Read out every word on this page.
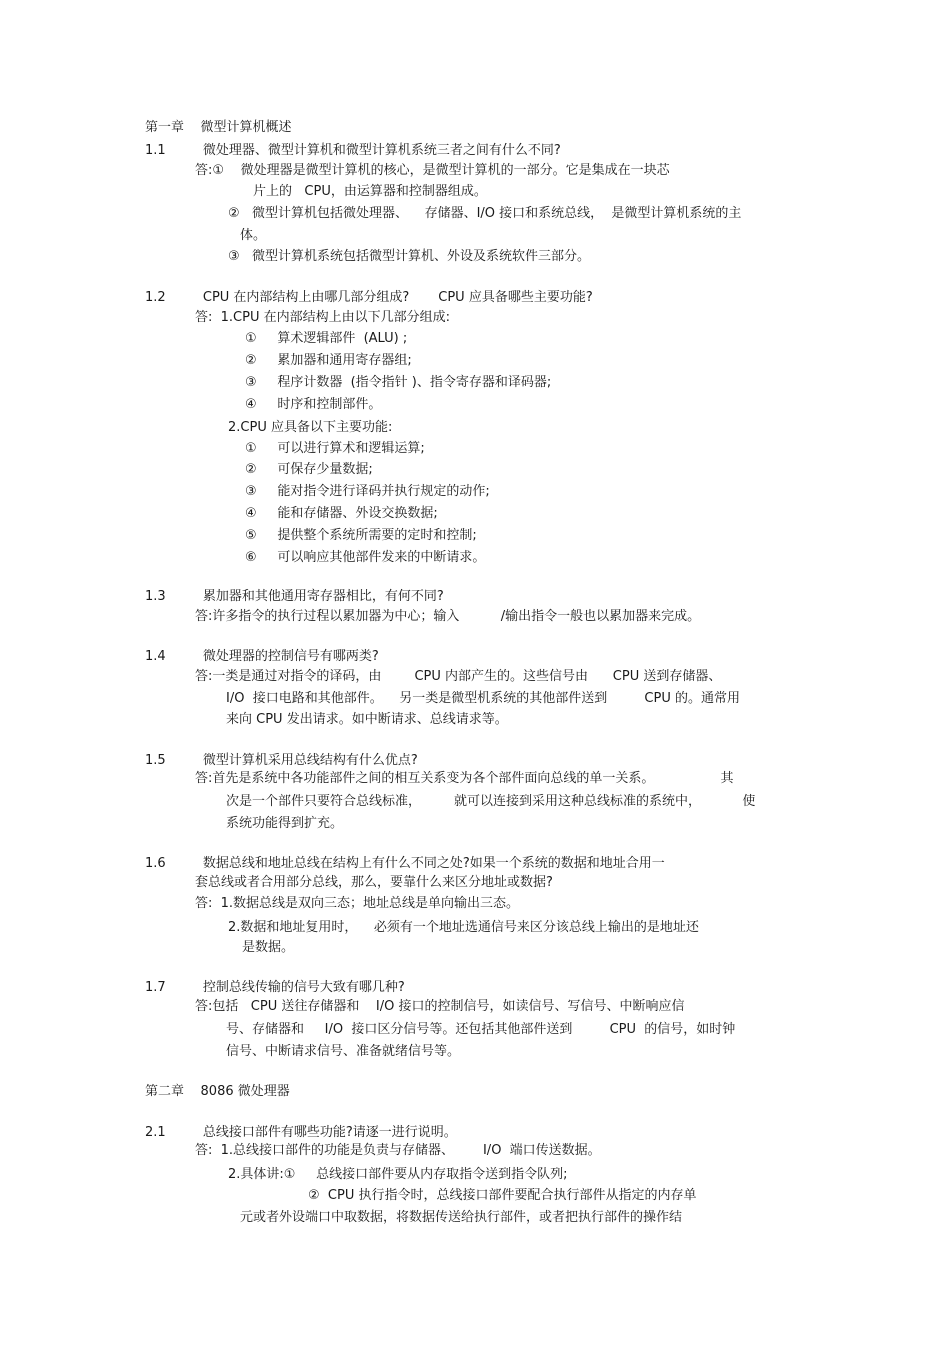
第一章    微型计算机概述
1.1         微处理器、微型计算机和微型计算机系统三者之间有什么不同?
答:①    微处理器是微型计算机的核心，是微型计算机的一部分。它是集成在一块芯
片上的   CPU，由运算器和控制器组成。
②   微型计算机包括微处理器、    存储器、I/O 接口和系统总线，  是微型计算机系统的主
体。
③   微型计算机系统包括微型计算机、外设及系统软件三部分。
1.2         CPU 在内部结构上由哪几部分组成?       CPU 应具备哪些主要功能?
答:  1.CPU 在内部结构上由以下几部分组成:
①     算术逻辑部件  (ALU) ;
②     累加器和通用寄存器组;
③     程序计数器  (指令指针 )、指令寄存器和译码器;
④     时序和控制部件。
2.CPU 应具备以下主要功能:
①     可以进行算术和逻辑运算;
②     可保存少量数据;
③     能对指令进行译码并执行规定的动作;
④     能和存储器、外设交换数据;
⑤     提供整个系统所需要的定时和控制;
⑥     可以响应其他部件发来的中断请求。
1.3         累加器和其他通用寄存器相比，有何不同?
答:许多指令的执行过程以累加器为中心；输入          /输出指令一般也以累加器来完成。
1.4         微处理器的控制信号有哪两类?
答:一类是通过对指令的译码，由        CPU 内部产生的。这些信号由      CPU 送到存储器、
I/O  接口电路和其他部件。    另一类是微型机系统的其他部件送到         CPU 的。通常用
来向 CPU 发出请求。如中断请求、总线请求等。
1.5         微型计算机采用总线结构有什么优点?
答:首先是系统中各功能部件之间的相互关系变为各个部件面向总线的单一关系。                其
次是一个部件只要符合总线标准，        就可以连接到采用这种总线标准的系统中，          使
系统功能得到扩充。
1.6         数据总线和地址总线在结构上有什么不同之处?如果一个系统的数据和地址合用一
套总线或者合用部分总线，那么，要靠什么来区分地址或数据?
答:  1.数据总线是双向三态；地址总线是单向输出三态。
2.数据和地址复用时，    必须有一个地址选通信号来区分该总线上输出的是地址还
是数据。
1.7         控制总线传输的信号大致有哪几种?
答:包括   CPU 送往存储器和    I/O 接口的控制信号，如读信号、写信号、中断响应信
号、存储器和     I/O  接口区分信号等。还包括其他部件送到         CPU  的信号，如时钟
信号、中断请求信号、准备就绪信号等。
第二章    8086 微处理器
2.1         总线接口部件有哪些功能?请逐一进行说明。
答:  1.总线接口部件的功能是负责与存储器、       I/O  端口传送数据。
2.具体讲:①     总线接口部件要从内存取指令送到指令队列;
②  CPU 执行指令时，总线接口部件要配合执行部件从指定的内存单
元或者外设端口中取数据，将数据传送给执行部件，或者把执行部件的操作结
